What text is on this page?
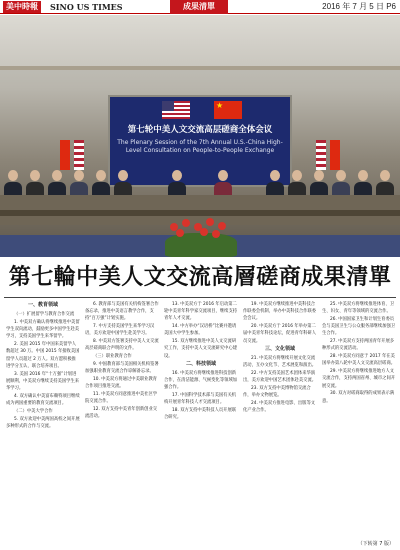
美中時報	SINO US TIMES	成果清單	2016 年 7 月 5 日 P6
★
第七轮中美人文交流高层磋商全体会议
The Plenary Session of the 7th Annual U.S.-China High-Level Consultation on People-to-People Exchange
第七輪中美人文交流高層磋商成果清單

一、教育领域

（一）扩展留学与教育合作交流

1. 中美双方确认将继续推进中美留学生双向流动，鼓励更多中国学生赴美学习，支持美国学生来华留学。

2. 美国 2015 年中国来美留学人数超过 30 万。中国 2015 年接收美国留学人员超过 2 万人。双方愿积极推进学分互认、联合培养项目。

3. 美国 2016 年“十万强”计划进展顺利，中美双方继续支持美国学生来华学习。

4. 双方确认中美富布赖特项目继续成为两国重要的教育交流项目。

（二）中美大学合作

5. 双方欢迎中美两国高校之间开展多种形式的合作与交流。

6. 教育部与美国有关机构签署合作备忘录，推进中美语言教学合作，支持“百万强”计划实施。

7. 中方支持美国学生来华学习汉语，美方欢迎中国学生赴美学习。

8. 中美双方签署支持中美人文交流高层磋商联合声明的文件。

（三）职业教育合作

9. 中国教育部与美国相关机构签署加强职业教育交流合作谅解备忘录。

10. 中美双方将通过中美职业教育合作项目推进交流。

11. 中美双方同意推进中美社区学院交流合作。

12. 双方支持中美青年创新创业交流活动。

13. 中美双方于 2016 年启动第二轮中美青年科学家交流项目，继续支持青年人才交流。

14. 中方举办“汉语桥”比赛并邀请美国大中学生参加。

15. 双方继续推进中美人文交流研究工作，支持中美人文交流研究中心建设。

二、科技领域

16. 中美双方将继续推进科技创新合作，在清洁能源、气候变化等领域加强合作。

17. 中国科学技术部与美国有关机构开展青年科技人才交流项目。

18. 双方支持中美科技人员开展联合研究。

19. 中美双方继续推进中美科技合作联委会机制，举办中美科技合作联委会会议。

20. 中美双方于 2016 年举办第二届中美青年科技论坛，促进青年科研人员交流。

三、文化领域

21. 中美双方将继续开展文化交流活动，互办文化节、艺术展览和演出。

22. 中方支持美国艺术团体来华演出，美方欢迎中国艺术团体赴美交流。

23. 双方支持中美博物馆交流合作，举办文物展览。

24. 中美双方推进电影、出版等文化产业合作。

25. 中美双方将继续推进体育、卫生、妇女、青年等领域的交流合作。

26. 中国国家卫生和计划生育委员会与美国卫生与公众服务部继续加强卫生合作。

27. 中美双方支持两国青年开展多种形式的交流活动。

28. 中美双方同意于 2017 年在美国举办第八轮中美人文交流高层磋商。

29. 中美双方将继续推进地方人文交流合作，支持两国省州、城市之间开展交流。

30. 双方对磋商取得的成果表示满意。

（下转第 7 版）
